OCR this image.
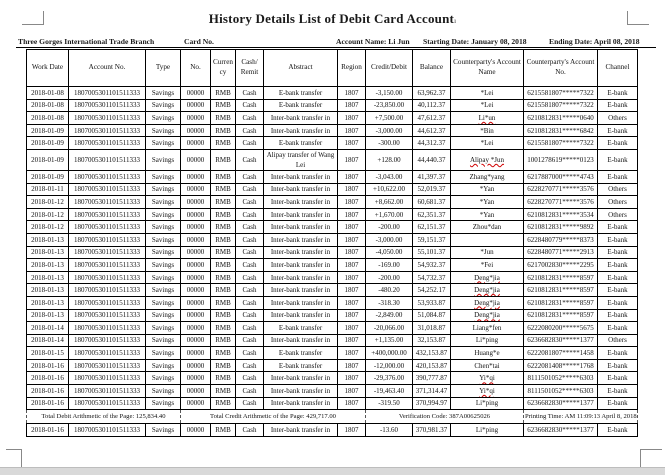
History Details List of Debit Card Accountı
Three Gorges International Trade Branch	Card No.	Account Name: Li Jun Starting Date: January 08, 2018	Ending Date: April 08, 2018
Work Date	Account No.	Type	No.	Currency	Cash/ Remit	Abstract	Region	Credit/Debit	Balance	Counterparty's Account Name	Counterparty's Account No.	Channel
2018-01-08	1807005301101511333	Savings	00000	RMB	Cash	E-bank transfer	1807	-3,150.00	63,962.37	*Lei	6215581807*****7322	E-bank
2018-01-08	1807005301101511333	Savings	00000	RMB	Cash	E-bank transfer	1807	-23,850.00	40,112.37	*Lei	6215581807*****7322	E-bank
2018-01-08	1807005301101511333	Savings	00000	RMB	Cash	Inter-bank transfer in	1807	+7,500.00	47,612.37	Li*un	6210812831*****0640	Others
2018-01-09	1807005301101511333	Savings	00000	RMB	Cash	Inter-bank transfer in	1807	-3,000.00	44,612.37	*Bin	6210812831*****6842	E-bank
2018-01-09	1807005301101511333	Savings	00000	RMB	Cash	E-bank transfer	1807	-300.00	44,312.37	*Lei	6215581807*****7322	E-bank
2018-01-09	1807005301101511333	Savings	00000	RMB	Cash	Alipay transfer of Wang Lei	1807	+128.00	44,440.37	Alipay *Jun	1001278619*****0123	E-bank
2018-01-09	1807005301101511333	Savings	00000	RMB	Cash	Inter-bank transfer in	1807	-3,043.00	41,397.37	Zhang*yang	6217887000*****4743	E-bank
2018-01-11	1807005301101511333	Savings	00000	RMB	Cash	Inter-bank transfer in	1807	+10,622.00	52,019.37	*Yan	6228270771*****3576	Others
2018-01-12	1807005301101511333	Savings	00000	RMB	Cash	Inter-bank transfer in	1807	+8,662.00	60,681.37	*Yan	6228270771*****3576	Others
2018-01-12	1807005301101511333	Savings	00000	RMB	Cash	Inter-bank transfer in	1807	+1,670.00	62,351.37	*Yan	6210812831*****3534	Others
2018-01-12	1807005301101511333	Savings	00000	RMB	Cash	Inter-bank transfer in	1807	-200.00	62,151.37	Zhou*dan	6210812831*****9892	E-bank
2018-01-13	1807005301101511333	Savings	00000	RMB	Cash	Inter-bank transfer in	1807	-3,000.00	59,151.37		6228480779*****8373	E-bank
2018-01-13	1807005301101511333	Savings	00000	RMB	Cash	Inter-bank transfer in	1807	-4,050.00	55,101.37	*Jun	6228480771*****2913	E-bank
2018-01-13	1807005301101511333	Savings	00000	RMB	Cash	Inter-bank transfer in	1807	-169.00	54,932.37	*Fei	6217002830*****2295	E-bank
2018-01-13	1807005301101511333	Savings	00000	RMB	Cash	Inter-bank transfer in	1807	-200.00	54,732.37	Deng*jia	6210812831*****8597	E-bank
2018-01-13	1807005301101511333	Savings	00000	RMB	Cash	Inter-bank transfer in	1807	-480.20	54,252.17	Deng*jia	6210812831*****8597	E-bank
2018-01-13	1807005301101511333	Savings	00000	RMB	Cash	Inter-bank transfer in	1807	-318.30	53,933.87	Deng*jia	6210812831*****8597	E-bank
2018-01-13	1807005301101511333	Savings	00000	RMB	Cash	Inter-bank transfer in	1807	-2,849.00	51,084.87	Deng*jia	6210812831*****8597	E-bank
2018-01-14	1807005301101511333	Savings	00000	RMB	Cash	E-bank transfer	1807	-20,066.00	31,018.87	Liang*fen	6222080200*****5675	E-bank
2018-01-14	1807005301101511333	Savings	00000	RMB	Cash	Inter-bank transfer in	1807	+1,135.00	32,153.87	Li*ping	6236682830*****1377	Others
2018-01-15	1807005301101511333	Savings	00000	RMB	Cash	E-bank transfer	1807	+400,000.00	432,153.87	Huang*e	6222081807*****1458	E-bank
2018-01-16	1807005301101511333	Savings	00000	RMB	Cash	E-bank transfer	1807	-12,000.00	420,153.87	Chen*tai	6222081408*****1768	E-bank
2018-01-16	1807005301101511333	Savings	00000	RMB	Cash	Inter-bank transfer in	1807	-29,376.00	390,777.87	Yi*qi	8111501052*****6303	E-bank
2018-01-16	1807005301101511333	Savings	00000	RMB	Cash	Inter-bank transfer in	1807	-19,463.40	371,314.47	Yi*qi	8111501052*****6303	E-bank
2018-01-16	1807005301101511333	Savings	00000	RMB	Cash	Inter-bank transfer in	1807	-319.50	370,994.97	Li*ping	6236682830*****1377	E-bank
Total Debit Arithmetic of the Page: 125,834.40			Total Credit Arithmetic of the Page: 429,717.00					Verification Code: 387A00625026			Printing Time: AM 11:09:13 April 8, 2018	
2018-01-16	1807005301101511333	Savings	00000	RMB	Cash	Inter-bank transfer in	1807	-13.60	370,981.37	Li*ping	6236682830*****1377	E-bank
